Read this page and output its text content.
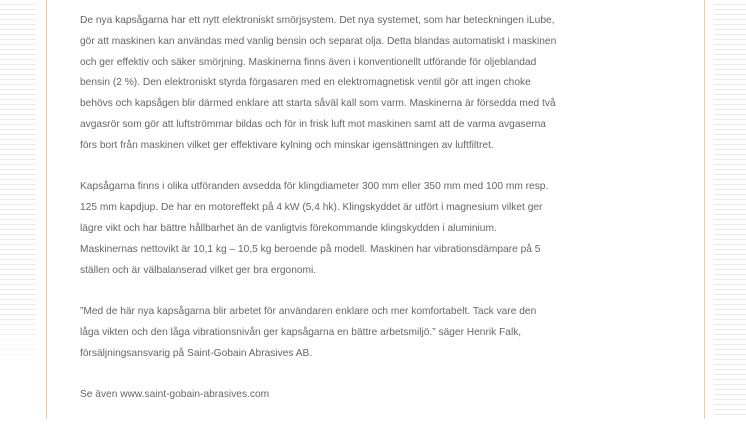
De nya kapsågarna har ett nytt elektroniskt smörjsystem. Det nya systemet, som har beteckningen iLube,
gör att maskinen kan användas med vanlig bensin och separat olja. Detta blandas automatiskt i maskinen
och ger effektiv och säker smörjning. Maskinerna finns även i konventionellt utförande för oljeblandad
bensin (2 %). Den elektroniskt styrda förgasaren med en elektromagnetisk ventil gör att ingen choke
behövs och kapsågen blir därmed enklare att starta såväl kall som varm. Maskinerna är försedda med två
avgasrör som gör att luftströmmar bildas och för in frisk luft mot maskinen samt att de varma avgaserna
förs bort från maskinen vilket ger effektivare kylning och minskar igensättningen av luftfiltret.

Kapsågarna finns i olika utföranden avsedda för klingdiameter 300 mm eller 350 mm med 100 mm resp.
125 mm kapdjup. De har en motoreffekt på 4 kW (5,4 hk). Klingskyddet är utfört i magnesium vilket ger
lägre vikt och har bättre hållbarhet än de vanligtvis förekommande klingskydden i aluminium.
Maskinernas nettovikt är 10,1 kg – 10,5 kg beroende på modell. Maskinen har vibrationsdämpare på 5
ställen och är välbalanserad vilket ger bra ergonomi.

”Med de här nya kapsågarna blir arbetet för användaren enklare och mer komfortabelt. Tack vare den
låga vikten och den låga vibrationsnivån ger kapsågarna en bättre arbetsmiljö.” säger Henrik Falk,
försäljningsansvarig på Saint-Gobain Abrasives AB.

Se även www.saint-gobain-abrasives.com
